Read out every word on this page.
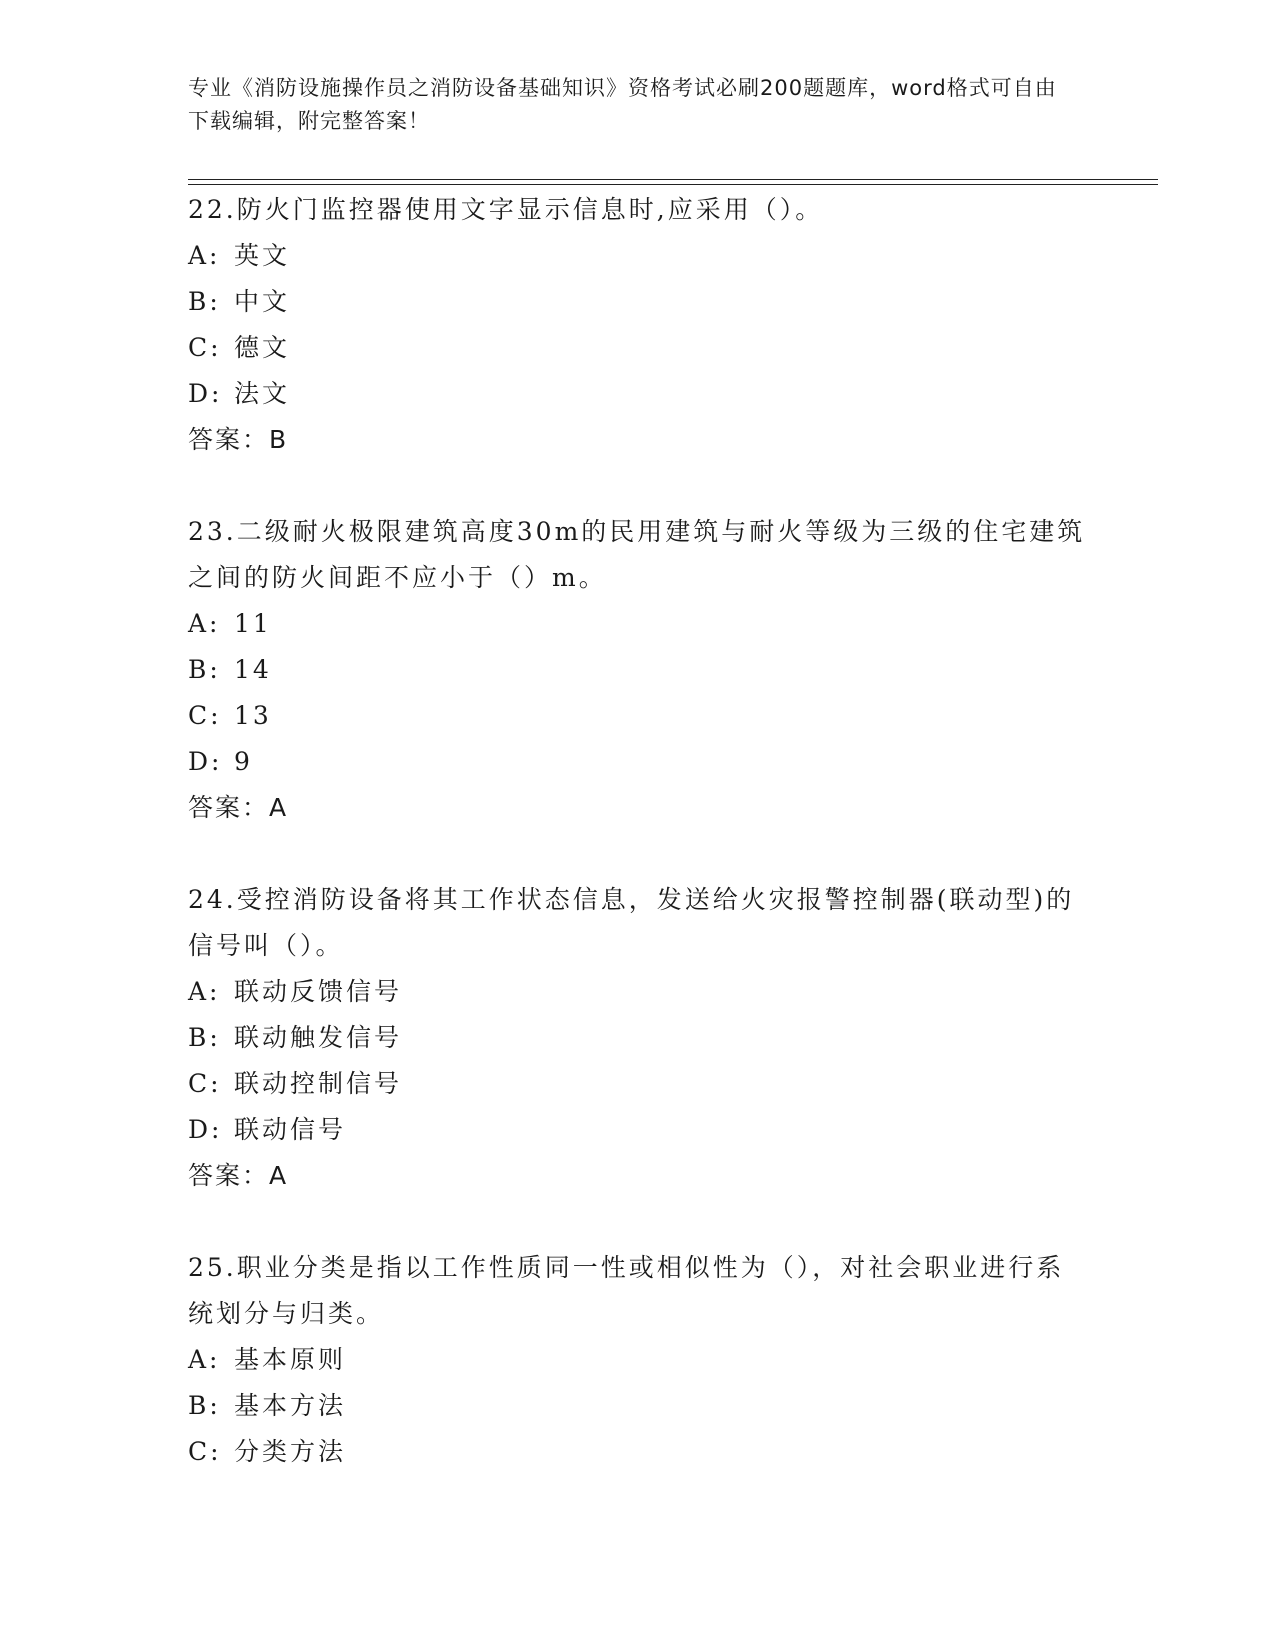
专业《消防设施操作员之消防设备基础知识》资格考试必刷200题题库，word格式可自由下载编辑，附完整答案！
22.防火门监控器使用文字显示信息时,应采用（）。
A: 英文
B: 中文
C: 德文
D: 法文
答案：B
23.二级耐火极限建筑高度30m的民用建筑与耐火等级为三级的住宅建筑之间的防火间距不应小于（）m。
A: 11
B: 14
C: 13
D: 9
答案：A
24.受控消防设备将其工作状态信息，发送给火灾报警控制器(联动型)的信号叫（）。
A: 联动反馈信号
B: 联动触发信号
C: 联动控制信号
D: 联动信号
答案：A
25.职业分类是指以工作性质同一性或相似性为（），对社会职业进行系统划分与归类。
A: 基本原则
B: 基本方法
C: 分类方法
